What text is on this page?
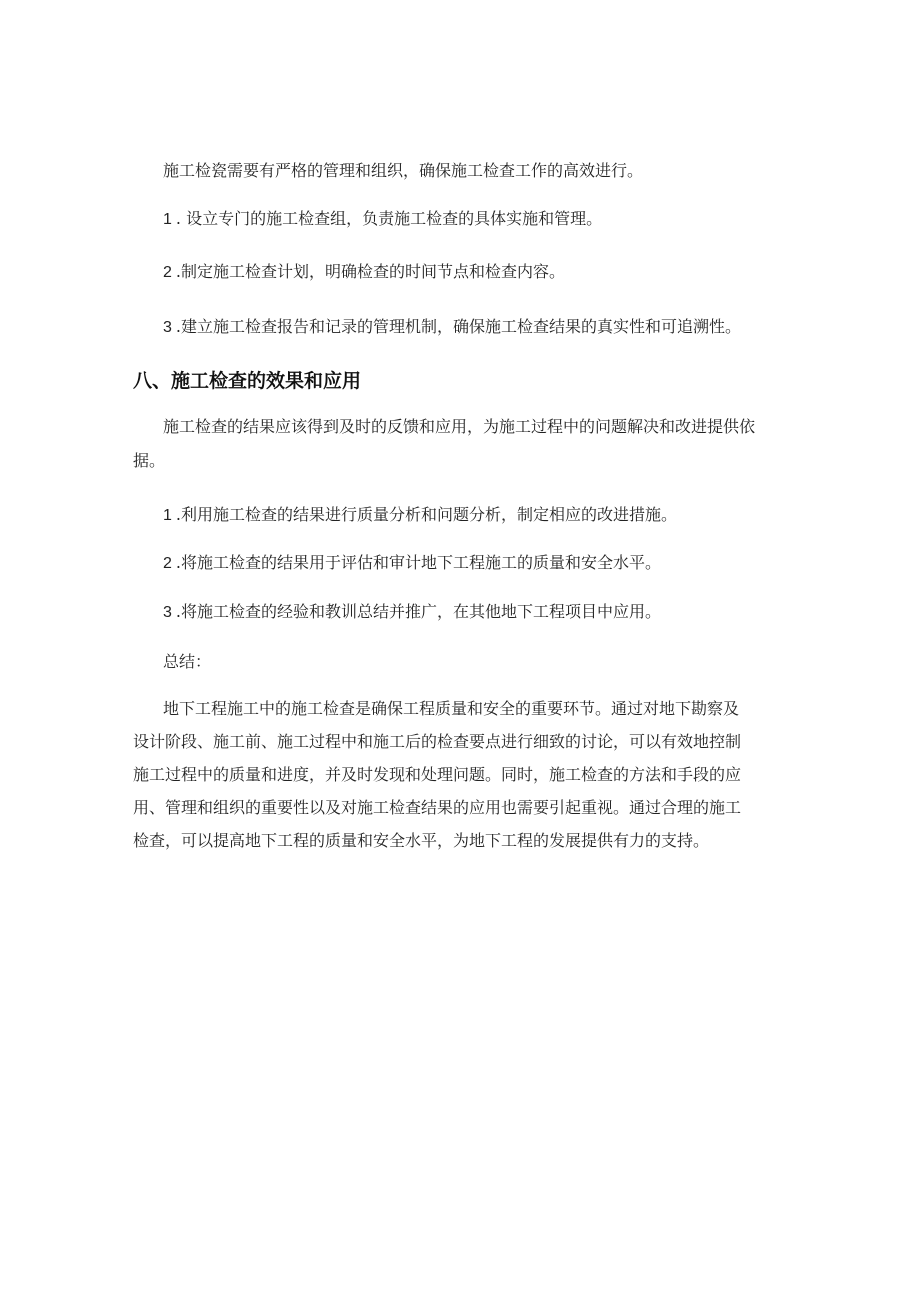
施工检瓷需要有严格的管理和组织，确保施工检查工作的高效进行。

1 . 设立专门的施工检查组，负责施工检查的具体实施和管理。

2 .制定施工检查计划，明确检查的时间节点和检查内容。

3 .建立施工检查报告和记录的管理机制，确保施工检查结果的真实性和可追溯性。

八、施工检查的效果和应用

施工检查的结果应该得到及时的反馈和应用，为施工过程中的问题解决和改进提供依

据。

1 .利用施工检查的结果进行质量分析和问题分析，制定相应的改进措施。

2 .将施工检查的结果用于评估和审计地下工程施工的质量和安全水平。

3 .将施工检查的经验和教训总结并推广，在其他地下工程项目中应用。

总结：

地下工程施工中的施工检查是确保工程质量和安全的重要环节。通过对地下勘察及

设计阶段、施工前、施工过程中和施工后的检查要点进行细致的讨论，可以有效地控制

施工过程中的质量和进度，并及时发现和处理问题。同时，施工检查的方法和手段的应

用、管理和组织的重要性以及对施工检查结果的应用也需要引起重视。通过合理的施工

检查，可以提高地下工程的质量和安全水平，为地下工程的发展提供有力的支持。
